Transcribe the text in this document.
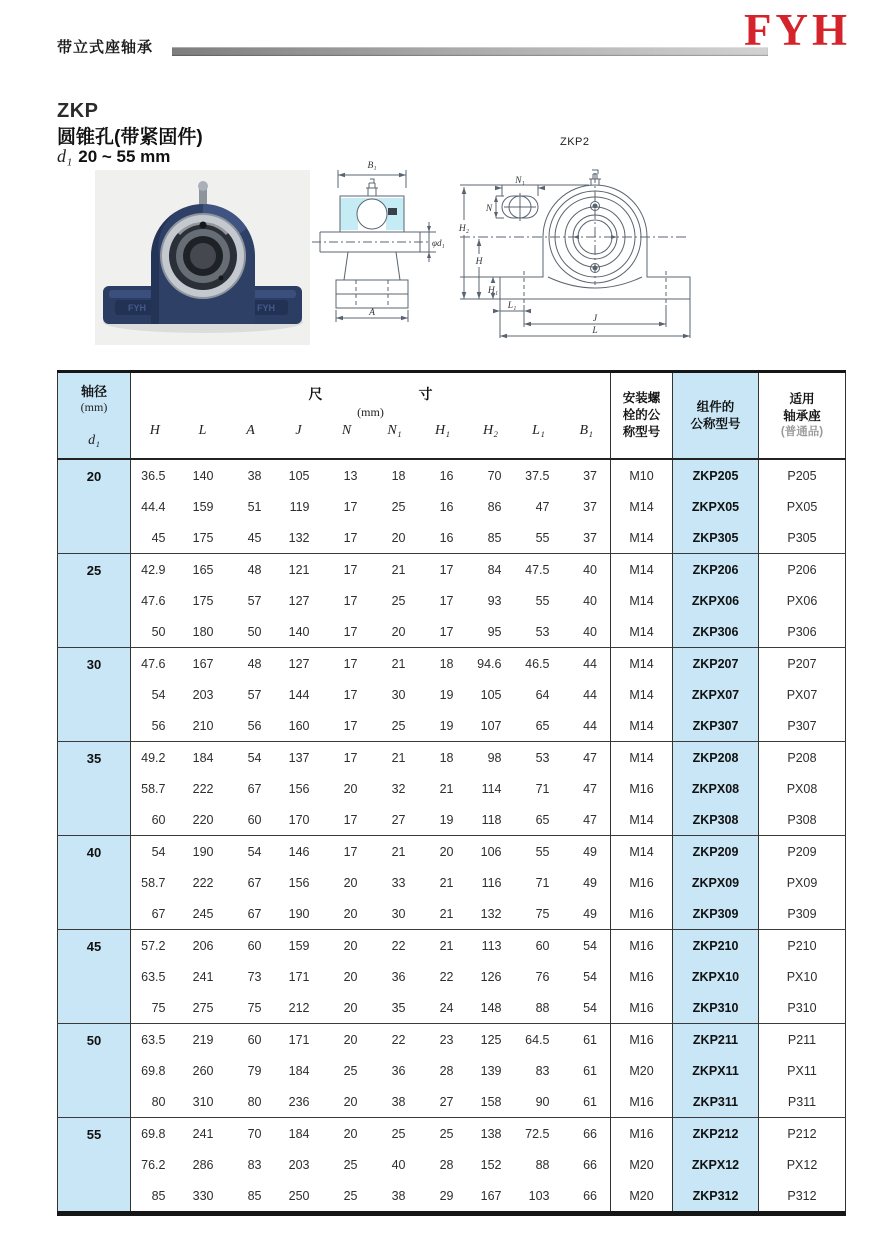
带立式座轴承	FYH
ZKP
圆锥孔(带紧固件)
d₁ 20 ~ 55 mm
FYH	FYH
B₁
A
φd₁
ZKP2
N₁
N
H₂
H
H₁
L₁
J
L
轴径
(mm)
d₁

尺	寸
(mm)

安装螺
栓的公
称型号

组件的
公称型号

适用
轴承座
(普通品)

	H	L	A	J	N	N₁	H₁	H₂	L₁	B₁			
20	36.5	140	38	105	13	18	16	70	37.5	37	M10	ZKP205	P205
	44.4	159	51	119	17	25	16	86	47	37	M14	ZKPX05	PX05
	45	175	45	132	17	20	16	85	55	37	M14	ZKP305	P305
25	42.9	165	48	121	17	21	17	84	47.5	40	M14	ZKP206	P206
	47.6	175	57	127	17	25	17	93	55	40	M14	ZKPX06	PX06
	50	180	50	140	17	20	17	95	53	40	M14	ZKP306	P306
30	47.6	167	48	127	17	21	18	94.6	46.5	44	M14	ZKP207	P207
	54	203	57	144	17	30	19	105	64	44	M14	ZKPX07	PX07
	56	210	56	160	17	25	19	107	65	44	M14	ZKP307	P307
35	49.2	184	54	137	17	21	18	98	53	47	M14	ZKP208	P208
	58.7	222	67	156	20	32	21	114	71	47	M16	ZKPX08	PX08
	60	220	60	170	17	27	19	118	65	47	M14	ZKP308	P308
40	54	190	54	146	17	21	20	106	55	49	M14	ZKP209	P209
	58.7	222	67	156	20	33	21	116	71	49	M16	ZKPX09	PX09
	67	245	67	190	20	30	21	132	75	49	M16	ZKP309	P309
45	57.2	206	60	159	20	22	21	113	60	54	M16	ZKP210	P210
	63.5	241	73	171	20	36	22	126	76	54	M16	ZKPX10	PX10
	75	275	75	212	20	35	24	148	88	54	M16	ZKP310	P310
50	63.5	219	60	171	20	22	23	125	64.5	61	M16	ZKP211	P211
	69.8	260	79	184	25	36	28	139	83	61	M20	ZKPX11	PX11
	80	310	80	236	20	38	27	158	90	61	M16	ZKP311	P311
55	69.8	241	70	184	20	25	25	138	72.5	66	M16	ZKP212	P212
	76.2	286	83	203	25	40	28	152	88	66	M20	ZKPX12	PX12
	85	330	85	250	25	38	29	167	103	66	M20	ZKP312	P312
